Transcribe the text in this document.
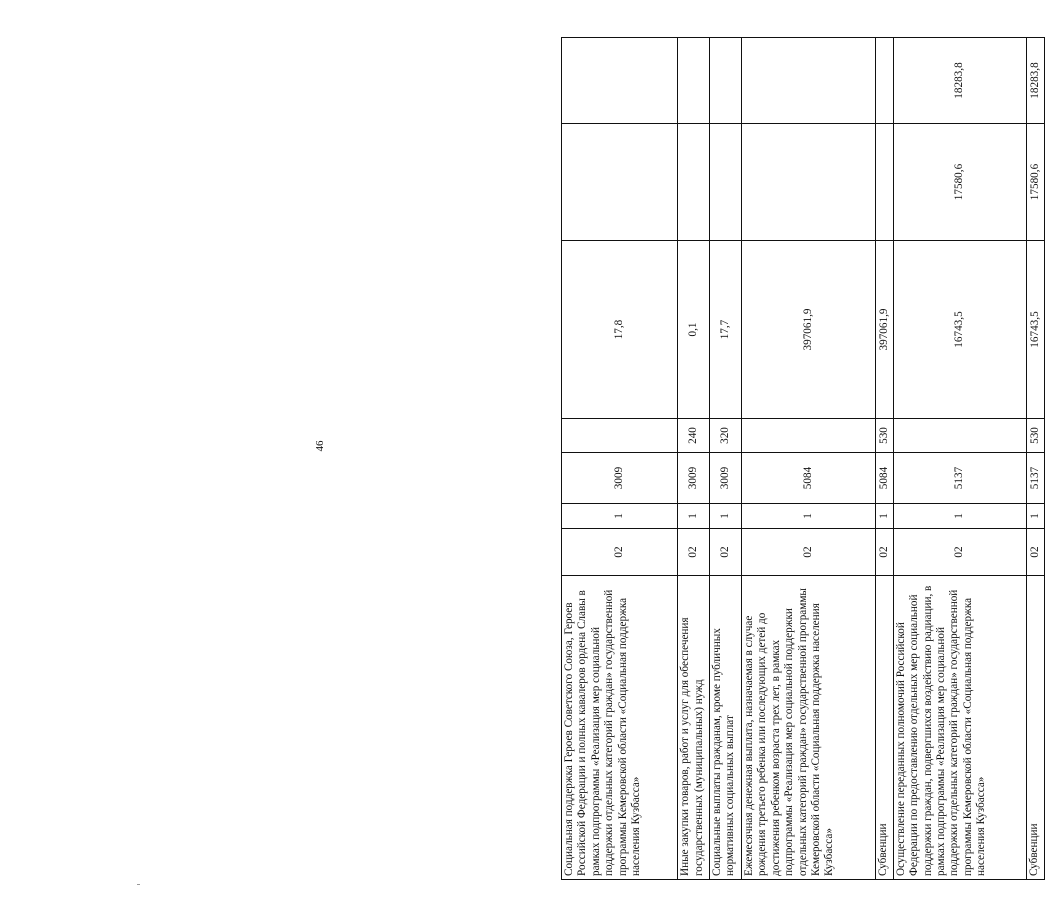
46
Социальная поддержка Героев Советского Союза, Героев Российской Федерации и полных кавалеров ордена Славы в рамках подпрограммы «Реализация мер социальной поддержки отдельных категорий граждан» государственной программы Кемеровской области «Социальная поддержка населения Кузбасса»	02	1	3009		17,8		
Иные закупки товаров, работ и услуг для обеспечения государственных (муниципальных) нужд	02	1	3009	240	0,1		
Социальные выплаты гражданам, кроме публичных нормативных социальных выплат	02	1	3009	320	17,7		
Ежемесячная денежная выплата, назначаемая в случае рождения третьего ребенка или последующих детей до достижения ребенком возраста трех лет, в рамках подпрограммы «Реализация мер социальной поддержки отдельных категорий граждан» государственной программы Кемеровской области «Социальная поддержка населения Кузбасса»	02	1	5084		397061,9		
Субвенции	02	1	5084	530	397061,9		
Осуществление переданных полномочий Российской Федерации по предоставлению отдельных мер социальной поддержки граждан, подвергшихся воздействию радиации, в рамках подпрограммы «Реализация мер социальной поддержки отдельных категорий граждан» государственной программы Кемеровской области «Социальная поддержка населения Кузбасса»	02	1	5137		16743,5	17580,6	18283,8
Субвенции	02	1	5137	530	16743,5	17580,6	18283,8
